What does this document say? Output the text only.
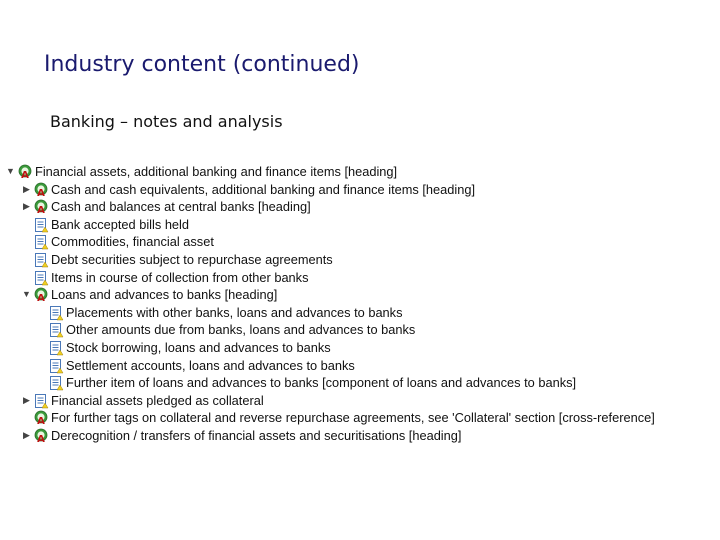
Industry content (continued)
Banking – notes and analysis
▼ A Financial assets, additional banking and finance items [heading]
▶ A Cash and cash equivalents, additional banking and finance items [heading]
▶ A Cash and balances at central banks [heading]
Bank accepted bills held
Commodities, financial asset
Debt securities subject to repurchase agreements
Items in course of collection from other banks
▼ A Loans and advances to banks [heading]
Placements with other banks, loans and advances to banks
Other amounts due from banks, loans and advances to banks
Stock borrowing, loans and advances to banks
Settlement accounts, loans and advances to banks
Further item of loans and advances to banks [component of loans and advances to banks]
▶ Financial assets pledged as collateral
A For further tags on collateral and reverse repurchase agreements, see 'Collateral' section [cross-reference]
▶ A Derecognition / transfers of financial assets and securitisations [heading]
